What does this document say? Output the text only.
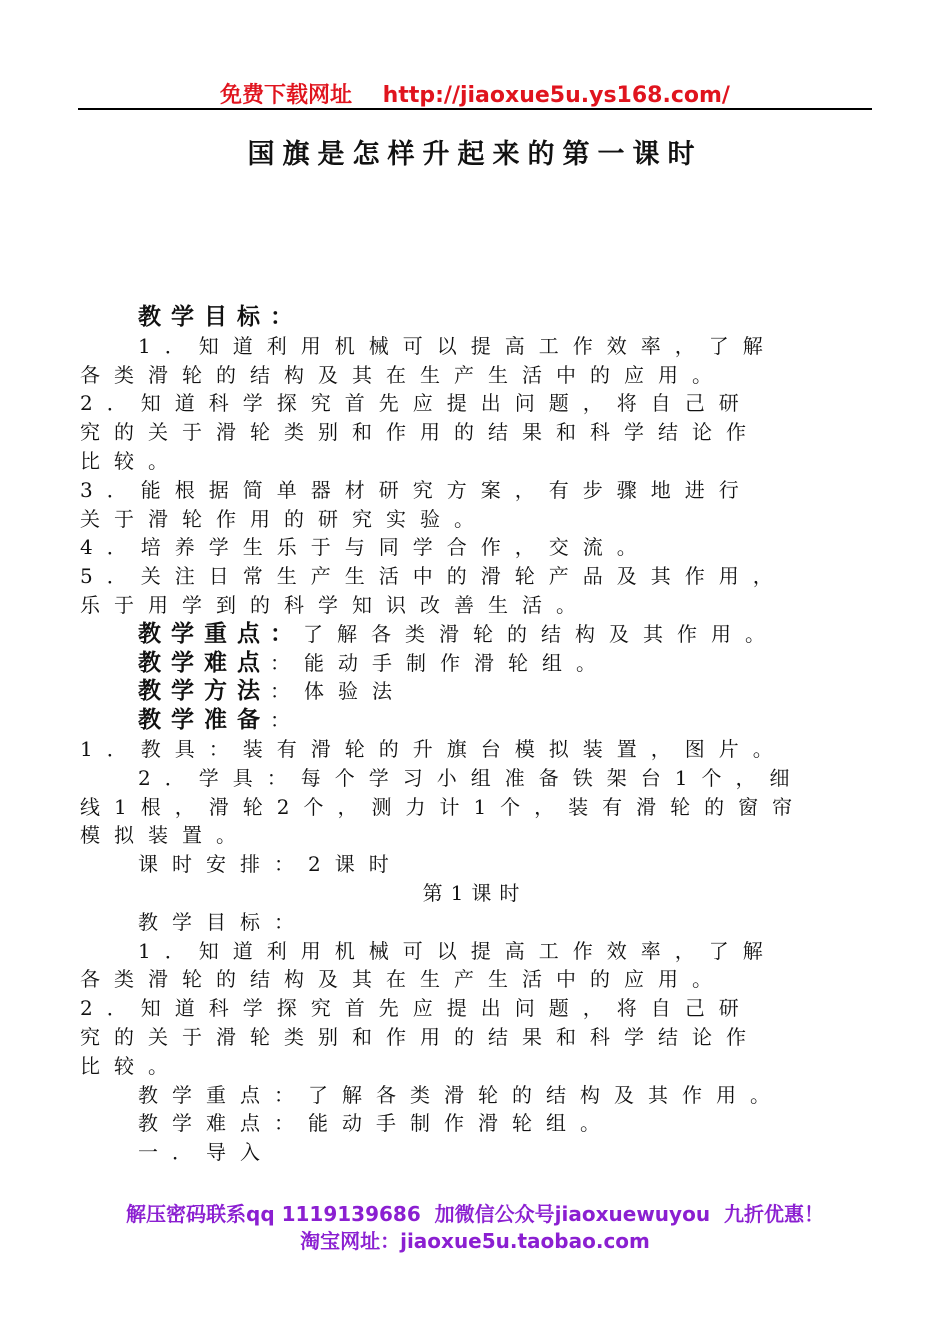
免费下载网址    http://jiaoxue5u.ys168.com/
国旗是怎样升起来的第一课时
教学目标：
1．知道利用机械可以提高工作效率，了解
各类滑轮的结构及其在生产生活中的应用。
2．知道科学探究首先应提出问题，将自己研
究的关于滑轮类别和作用的结果和科学结论作
比较。
3．能根据简单器材研究方案，有步骤地进行
关于滑轮作用的研究实验。
4．培养学生乐于与同学合作，交流。
5．关注日常生产生活中的滑轮产品及其作用，
乐于用学到的科学知识改善生活。
教学重点：了解各类滑轮的结构及其作用。
教学难点：能动手制作滑轮组。
教学方法：体验法
教学准备：
1．教具：装有滑轮的升旗台模拟装置，图片。
2．学具：每个学习小组准备铁架台1个，细
线1根，滑轮2个，测力计1个，装有滑轮的窗帘
模拟装置。
课时安排：2课时
第1课时
教学目标：
1．知道利用机械可以提高工作效率，了解
各类滑轮的结构及其在生产生活中的应用。
2．知道科学探究首先应提出问题，将自己研
究的关于滑轮类别和作用的结果和科学结论作
比较。
教学重点：了解各类滑轮的结构及其作用。
教学难点：能动手制作滑轮组。
一．导入
解压密码联系qq 1119139686  加微信公众号jiaoxuewuyou  九折优惠！
淘宝网址：jiaoxue5u.taobao.com
